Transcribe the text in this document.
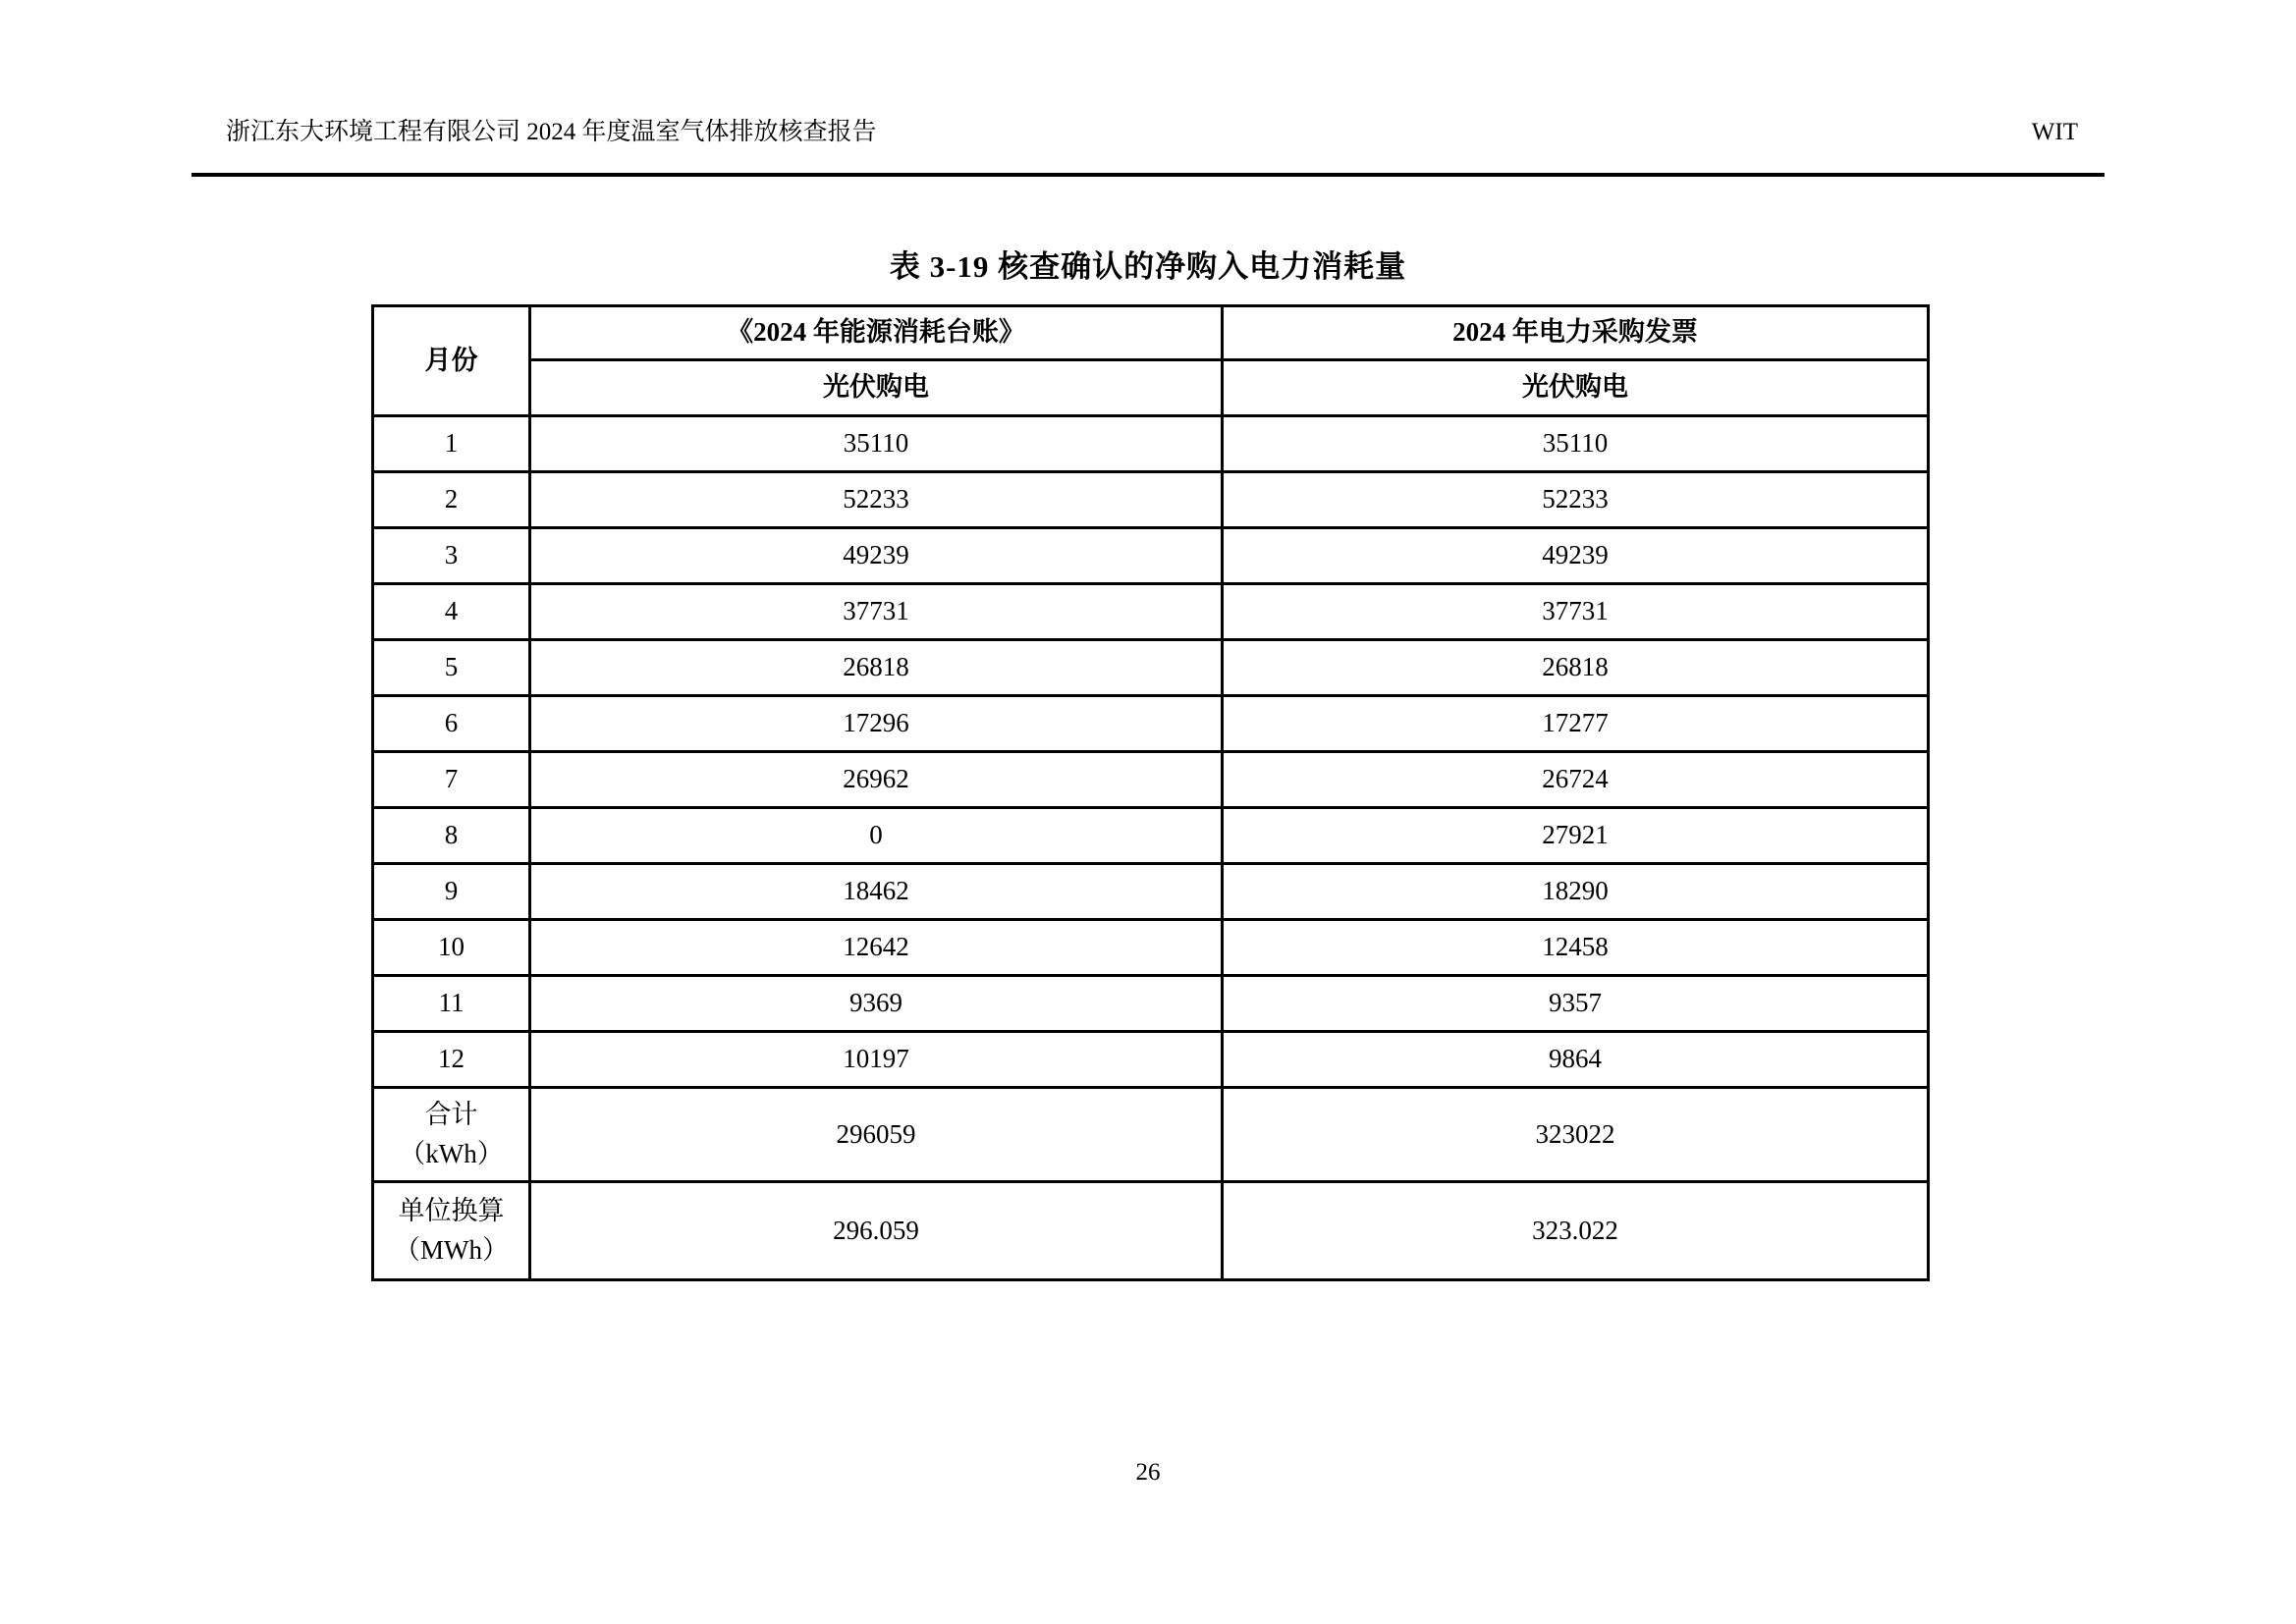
浙江东大环境工程有限公司 2024 年度温室气体排放核查报告	WIT
表 3-19 核查确认的净购入电力消耗量
月份	《2024 年能源消耗台账》	2024 年电力采购发票
	光伏购电	光伏购电
1	35110	35110
2	52233	52233
3	49239	49239
4	37731	37731
5	26818	26818
6	17296	17277
7	26962	26724
8	0	27921
9	18462	18290
10	12642	12458
11	9369	9357
12	10197	9864

合计
（kWh）	296059	323022

单位换算
（MWh）	296.059	323.022
26
